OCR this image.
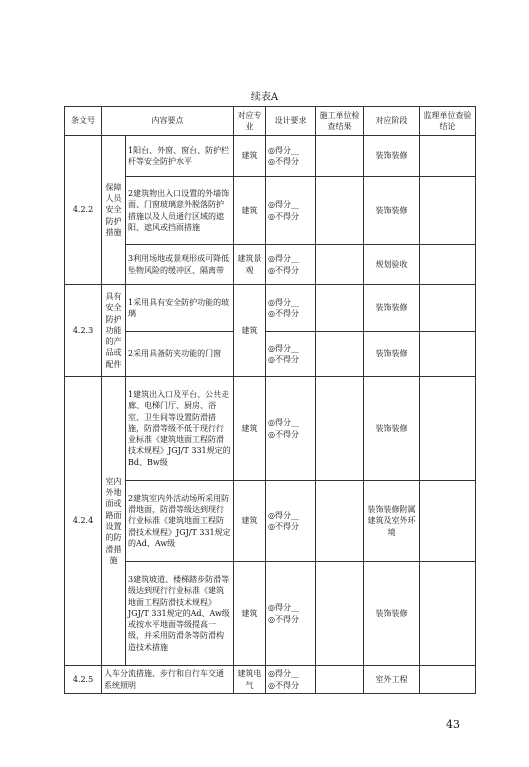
续表A
条文号	内容要点		对应专业	设计要求	施工单位检查结果	对应阶段	监理单位查验结论
4.2.2	保障人员安全防护措施	1阳台、外窗、窗台、防护栏杆等安全防护水平	建筑	◎得分__
◎不得分		装饰装修	
		2建筑物出入口设置的外墙饰面、门窗玻璃意外脱落防护措施以及人员通行区域的遮阳、遮风或挡雨措施	建筑	◎得分__
◎不得分		装饰装修	
		3利用场地或景观形成可降低坠物风险的缓冲区、隔离带	建筑景观	◎得分__
◎不得分		规划验收	
4.2.3	具有安全防护功能的产品或配件	1采用具有安全防护功能的玻璃	建筑	◎得分__
◎不得分		装饰装修	
		2采用具备防夹功能的门窗		◎得分__
◎不得分		装饰装修	
4.2.4	室内外地面或路面设置的防滑措施	1建筑出入口及平台、公共走廊、电梯门厅、厨房、浴室、卫生间等设置防滑措施，防滑等级不低于现行行业标准《建筑地面工程防滑技术规程》JGJ/T 331规定的Bd、Bw级	建筑	◎得分__
◎不得分		装饰装修	
		2建筑室内外活动场所采用防滑地面，防滑等级达到现行行业标准《建筑地面工程防滑技术规程》JGJ/T 331规定的Ad、Aw级	建筑	◎得分__
◎不得分		装饰装修附属建筑及室外环境	
		3建筑坡道、楼梯踏步防滑等级达到现行行业标准《建筑地面工程防滑技术规程》JGJ/T 331规定的Ad、Aw级或按水平地面等级提高一级，并采用防滑条等防滑构造技术措施	建筑	◎得分__
◎不得分		装饰装修	
4.2.5	人车分流措施、步行和自行车交通系统照明		建筑电气	◎得分__
◎不得分		室外工程	
43
